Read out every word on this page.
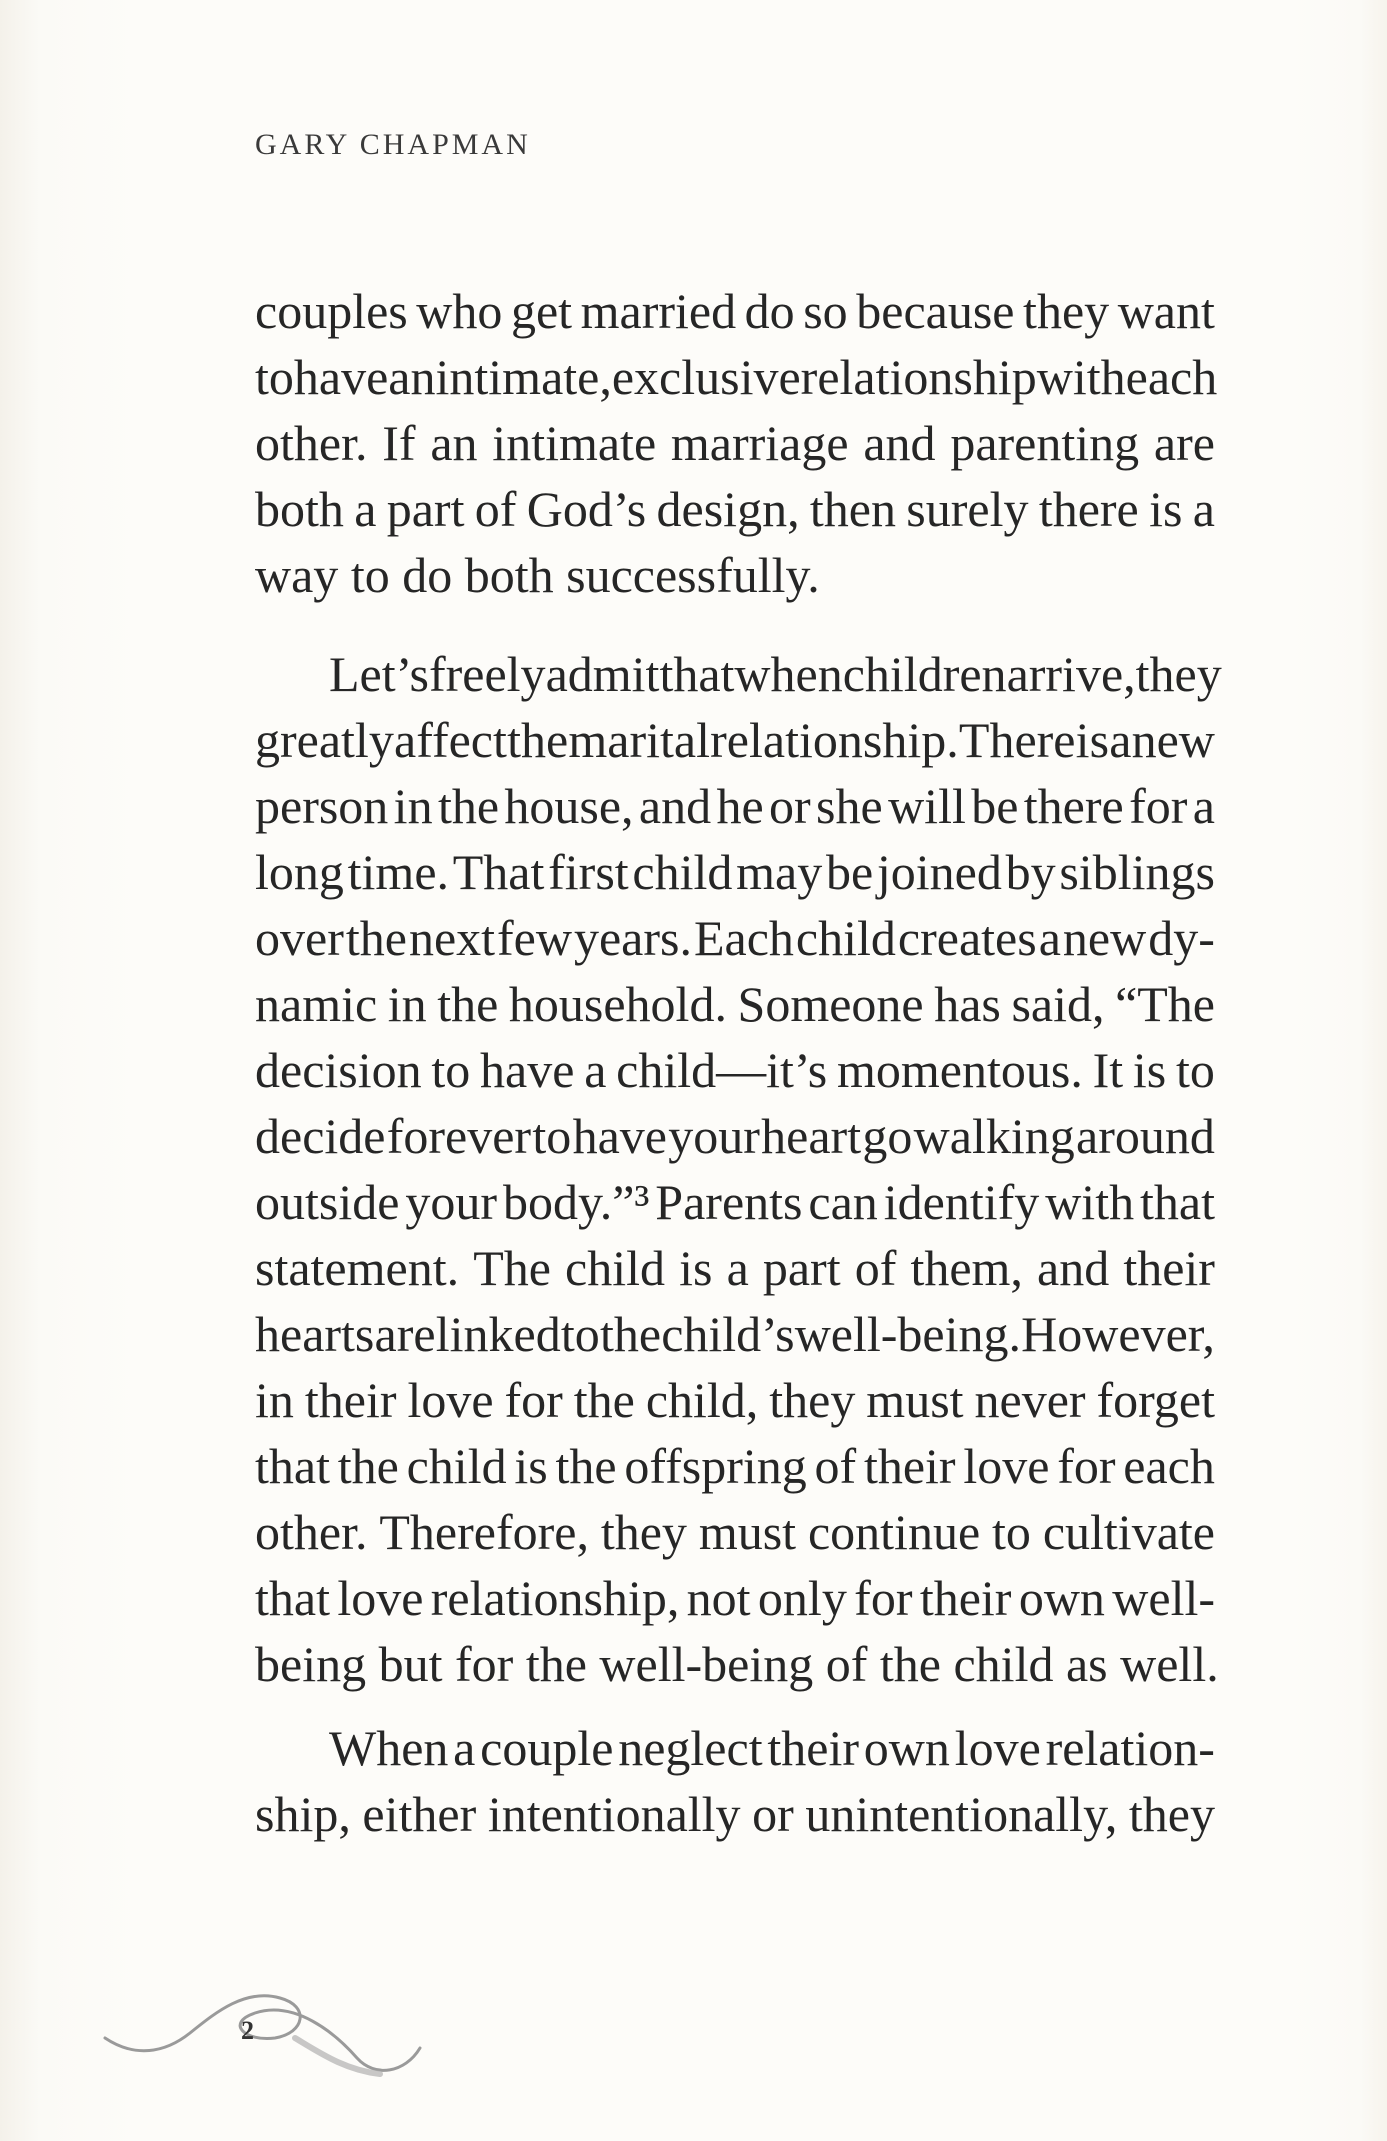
GARY CHAPMAN
couples who get married do so because they want
to have an intimate, exclusive relationship with each
other. If an intimate marriage and parenting are
both a part of God’s design, then surely there is a
way to do both successfully.
Let’s freely admit that when children arrive, they
greatly affect the marital relationship. There is a new
person in the house, and he or she will be there for a
long time. That first child may be joined by siblings
over the next few years. Each child creates a new dy-
namic in the household. Someone has said, “The
decision to have a child—it’s momentous. It is to
decide forever to have your heart go walking around
outside your body.”³ Parents can identify with that
statement. The child is a part of them, and their
hearts are linked to the child’s well-being. However,
in their love for the child, they must never forget
that the child is the offspring of their love for each
other. Therefore, they must continue to cultivate
that love relationship, not only for their own well-
being but for the well-being of the child as well.
When a couple neglect their own love relation-
ship, either intentionally or unintentionally, they
2
